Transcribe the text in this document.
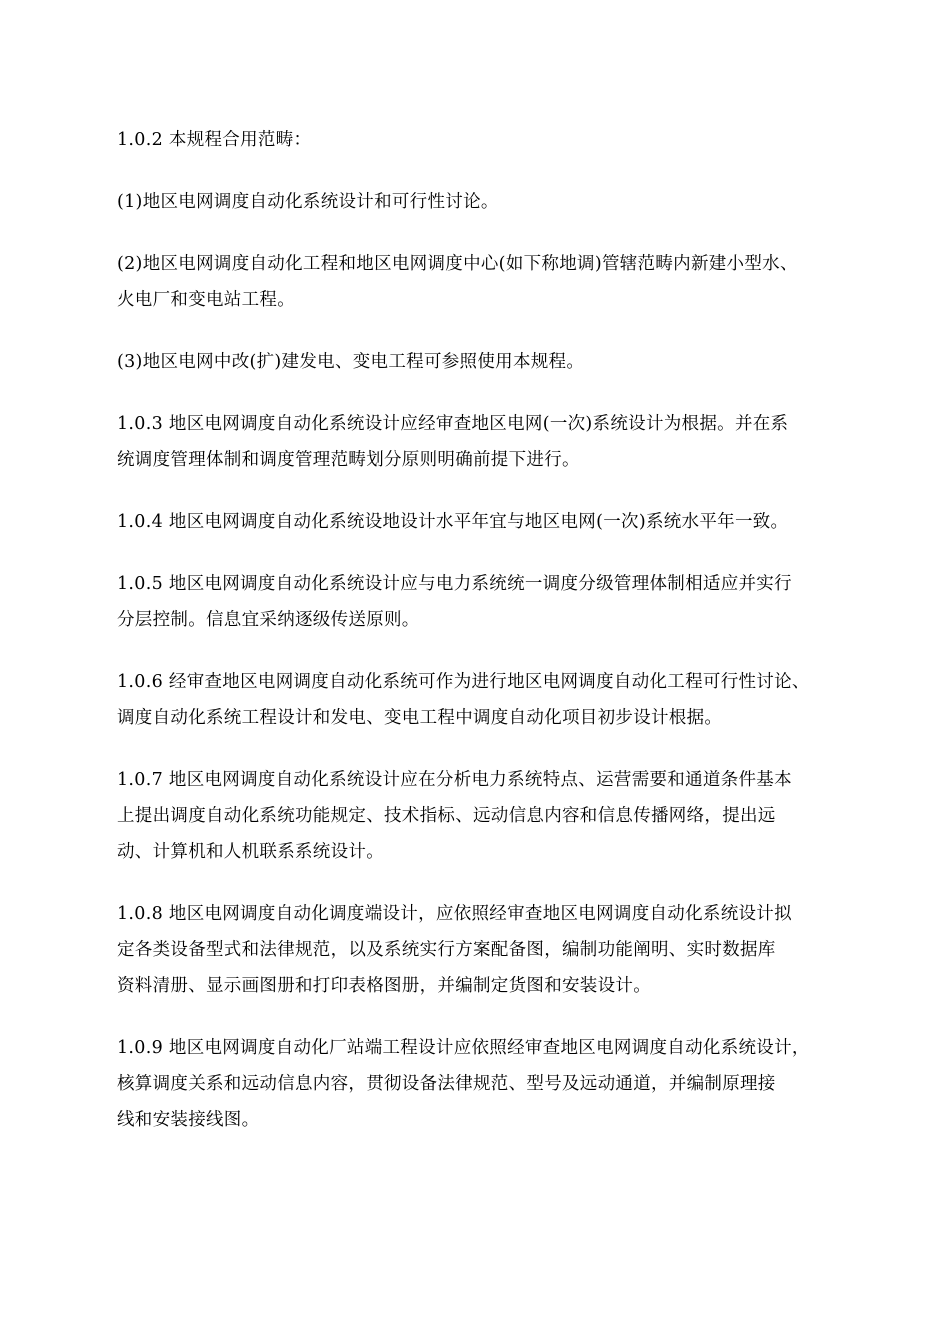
1.0.2 本规程合用范畴：

(1)地区电网调度自动化系统设计和可行性讨论。

(2)地区电网调度自动化工程和地区电网调度中心(如下称地调)管辖范畴内新建小型水、
火电厂和变电站工程。

(3)地区电网中改(扩)建发电、变电工程可参照使用本规程。

1.0.3 地区电网调度自动化系统设计应经审查地区电网(一次)系统设计为根据。并在系
统调度管理体制和调度管理范畴划分原则明确前提下进行。

1.0.4 地区电网调度自动化系统设地设计水平年宜与地区电网(一次)系统水平年一致。

1.0.5 地区电网调度自动化系统设计应与电力系统统一调度分级管理体制相适应并实行
分层控制。信息宜采纳逐级传送原则。

1.0.6 经审查地区电网调度自动化系统可作为进行地区电网调度自动化工程可行性讨论、
调度自动化系统工程设计和发电、变电工程中调度自动化项目初步设计根据。

1.0.7 地区电网调度自动化系统设计应在分析电力系统特点、运营需要和通道条件基本
上提出调度自动化系统功能规定、技术指标、远动信息内容和信息传播网络，提出远
动、计算机和人机联系系统设计。

1.0.8 地区电网调度自动化调度端设计，应依照经审查地区电网调度自动化系统设计拟
定各类设备型式和法律规范，以及系统实行方案配备图，编制功能阐明、实时数据库
资料清册、显示画图册和打印表格图册，并编制定货图和安装设计。

1.0.9 地区电网调度自动化厂站端工程设计应依照经审查地区电网调度自动化系统设计，
核算调度关系和远动信息内容，贯彻设备法律规范、型号及远动通道，并编制原理接
线和安装接线图。
